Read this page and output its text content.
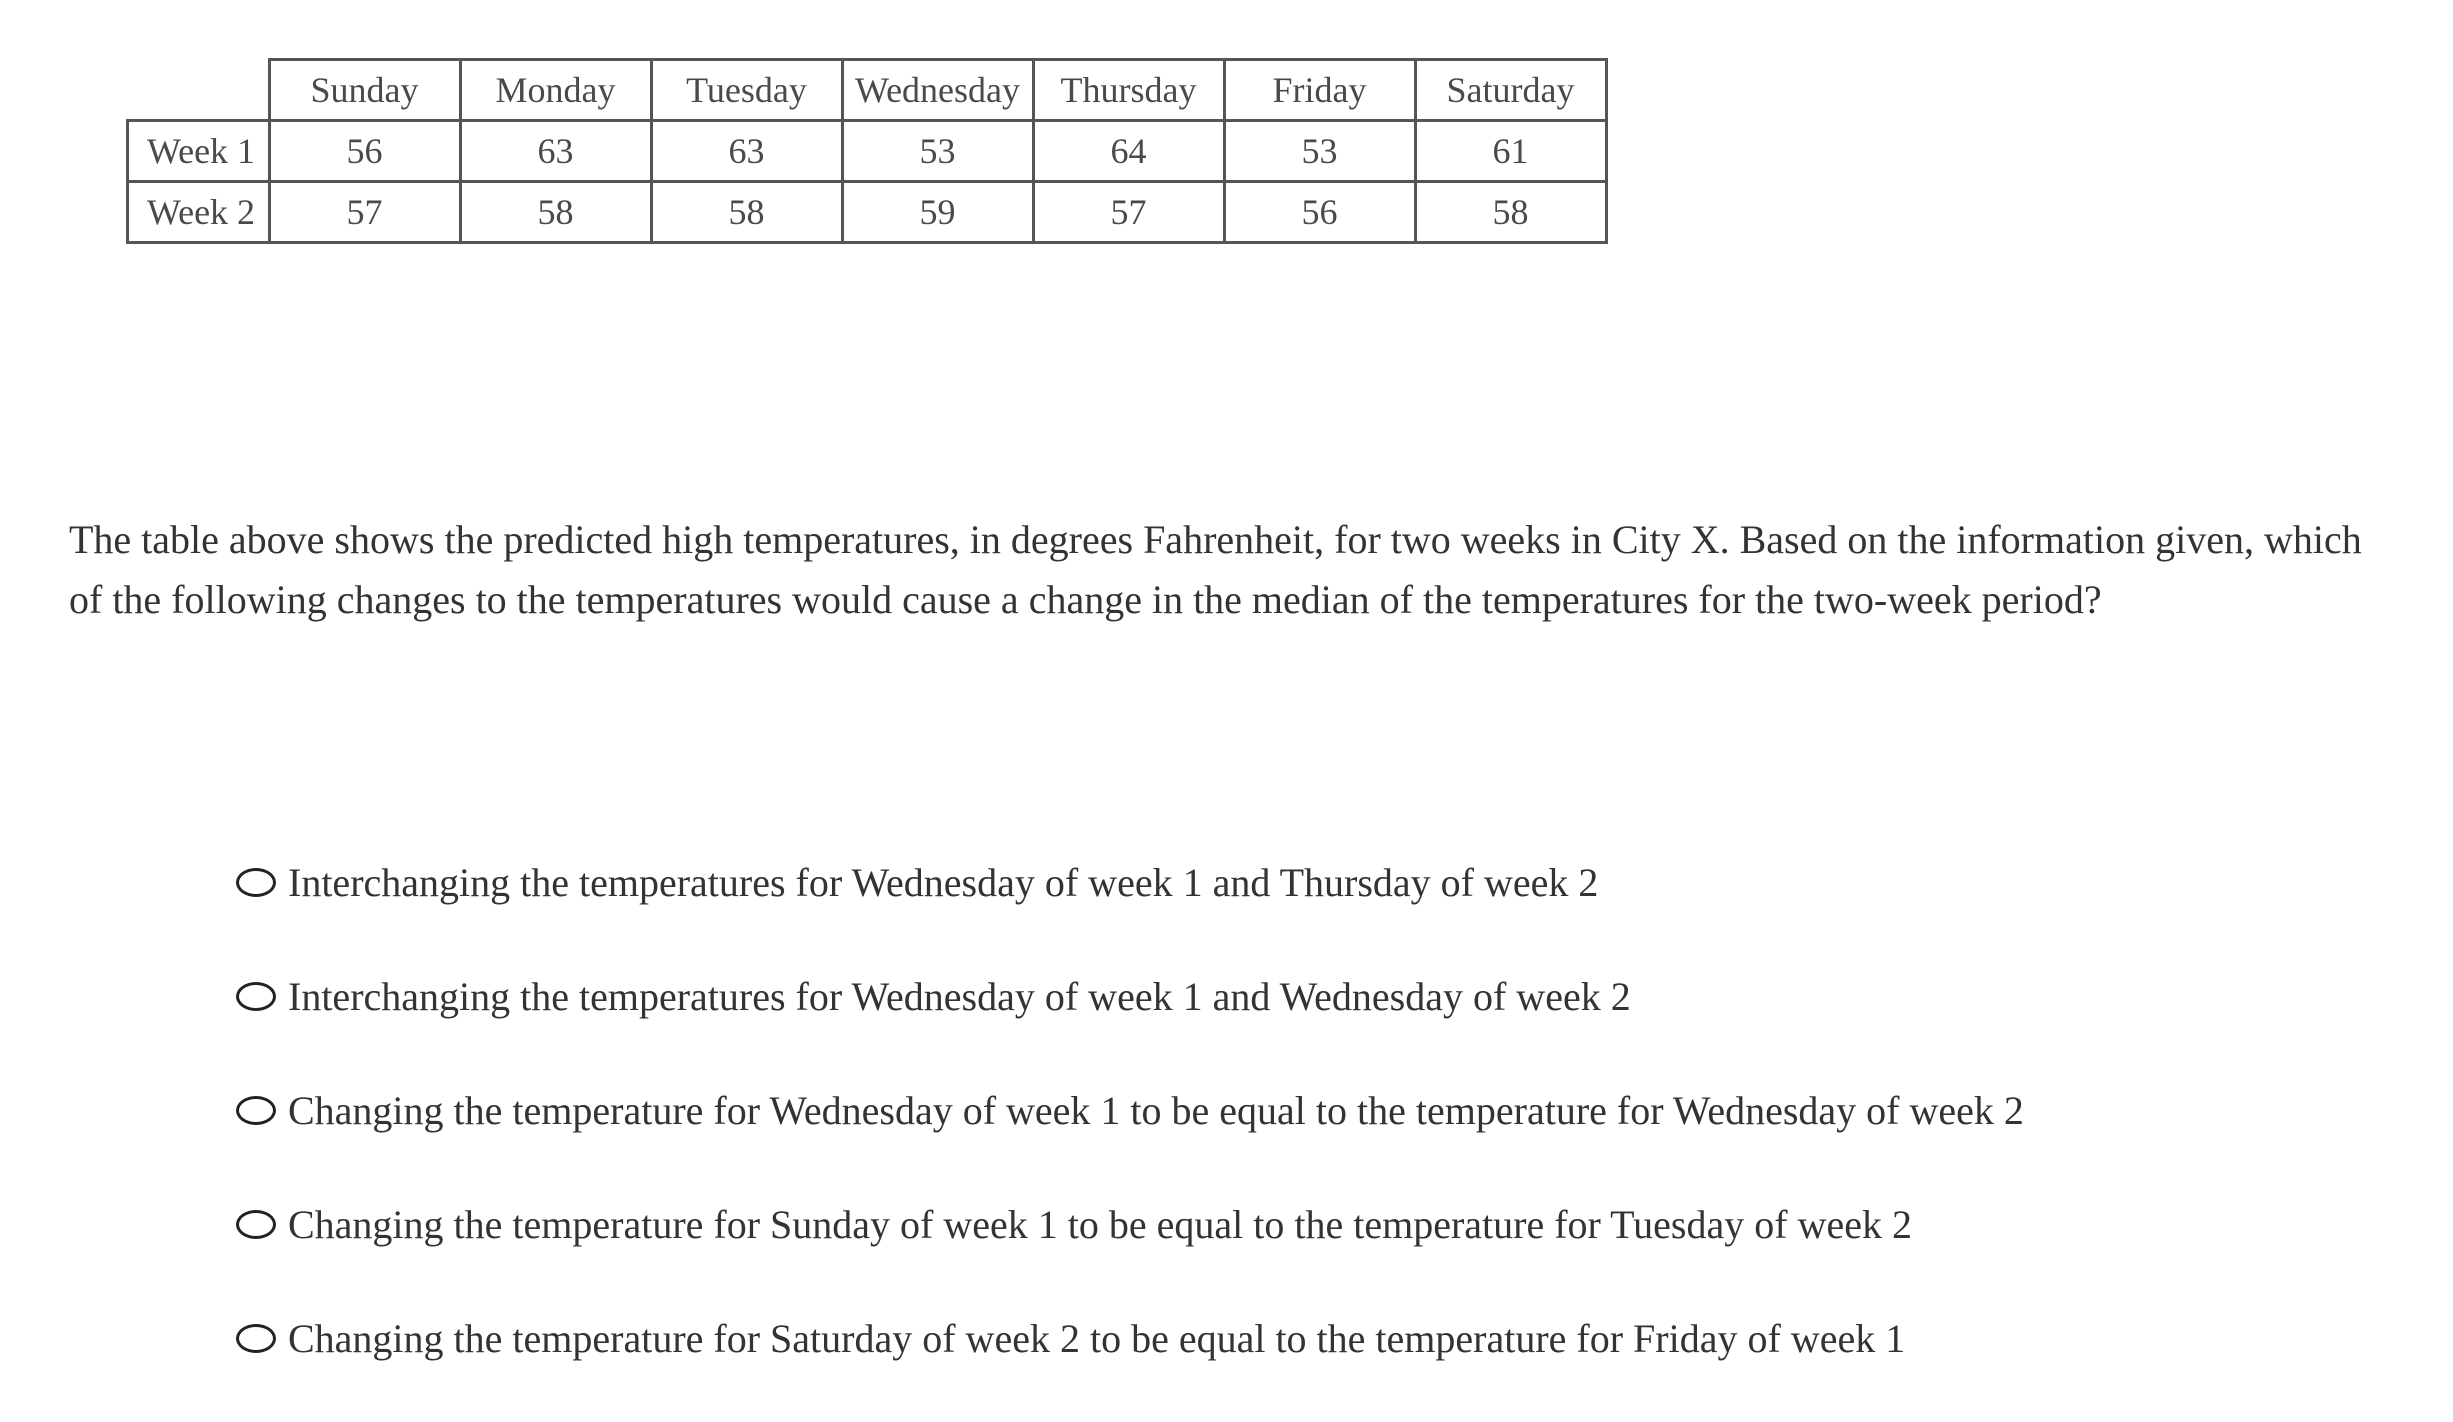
	Sunday	Monday	Tuesday	Wednesday	Thursday	Friday	Saturday
Week 1	56	63	63	53	64	53	61
Week 2	57	58	58	59	57	56	58

The table above shows the predicted high temperatures, in degrees Fahrenheit, for two weeks in City X. Based on the information given, which of the following changes to the temperatures would cause a change in the median of the temperatures for the two-week period?

Interchanging the temperatures for Wednesday of week 1 and Thursday of week 2
Interchanging the temperatures for Wednesday of week 1 and Wednesday of week 2
Changing the temperature for Wednesday of week 1 to be equal to the temperature for Wednesday of week 2
Changing the temperature for Sunday of week 1 to be equal to the temperature for Tuesday of week 2
Changing the temperature for Saturday of week 2 to be equal to the temperature for Friday of week 1
